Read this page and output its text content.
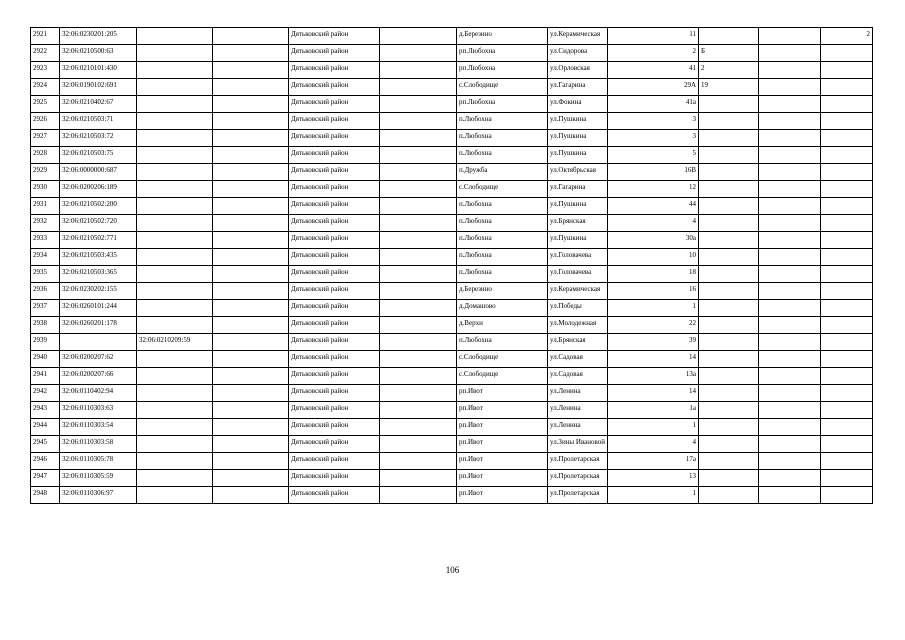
2921	32:06:0230201:205			Дятьковский район		д.Березино	ул.Керамическая	11			2
2922	32:06:0210500:63			Дятьковский район		рп.Любохна	ул.Сидорова	2	Б		
2923	32:06:0210101:430			Дятьковский район		рп.Любохна	ул.Орловская	41	2		
2924	32:06:0190102:691			Дятьковский район		с.Слободище	ул.Гагарина	29А	19		
2925	32:06:0210402:67			Дятьковский район		рп.Любохна	ул.Фокина	41а			
2926	32:06:0210503:71			Дятьковский район		п.Любохна	ул.Пушкина	3			
2927	32:06:0210503:72			Дятьковский район		п.Любохна	ул.Пушкина	3			
2928	32:06:0210503:75			Дятьковский район		п.Любохна	ул.Пушкина	5			
2929	32:06:0000000:687			Дятьковский район		п.Дружба	ул.Октябрьская	16В			
2930	32:06:0200206:189			Дятьковский район		с.Слободище	ул.Гагарина	12			
2931	32:06:0210502:200			Дятьковский район		п.Любохна	ул.Пушкина	44			
2932	32:06:0210502:720			Дятьковский район		п.Любохна	ул.Брянская	4			
2933	32:06:0210502:771			Дятьковский район		п.Любохна	ул.Пушкина	30а			
2934	32:06:0210503:435			Дятьковский район		п.Любохна	ул.Головачева	10			
2935	32:06:0210503:365			Дятьковский район		п.Любохна	ул.Головачева	18			
2936	32:06:0230202:155			Дятьковский район		д.Березино	ул.Керамическая	16			
2937	32:06:0260101:244			Дятьковский район		д.Домашово	ул.Победы	1			
2938	32:06:0260201:178			Дятьковский район		д.Верхи	ул.Молодежная	22			
2939		32:06:0210209:59		Дятьковский район		п.Любохна	ул.Брянская	39			
2940	32:06:0200207:62			Дятьковский район		с.Слободище	ул.Садовая	14			
2941	32:06:0200207:66			Дятьковский район		с.Слободище	ул.Садовая	13а			
2942	32:06:0110402:94			Дятьковский район		рп.Ивот	ул.Ленина	14			
2943	32:06:0110303:63			Дятьковский район		рп.Ивот	ул.Ленина	1а			
2944	32:06:0110303:54			Дятьковский район		рп.Ивот	ул.Ленина	1			
2945	32:06:0110303:58			Дятьковский район		рп.Ивот	ул.Зины Ивановой	4			
2946	32:06:0110305:78			Дятьковский район		рп.Ивот	ул.Пролетарская	17а			
2947	32:06:0110305:59			Дятьковский район		рп.Ивот	ул.Пролетарская	13			
2948	32:06:0110306:97			Дятьковский район		рп.Ивот	ул.Пролетарская	1			
106
